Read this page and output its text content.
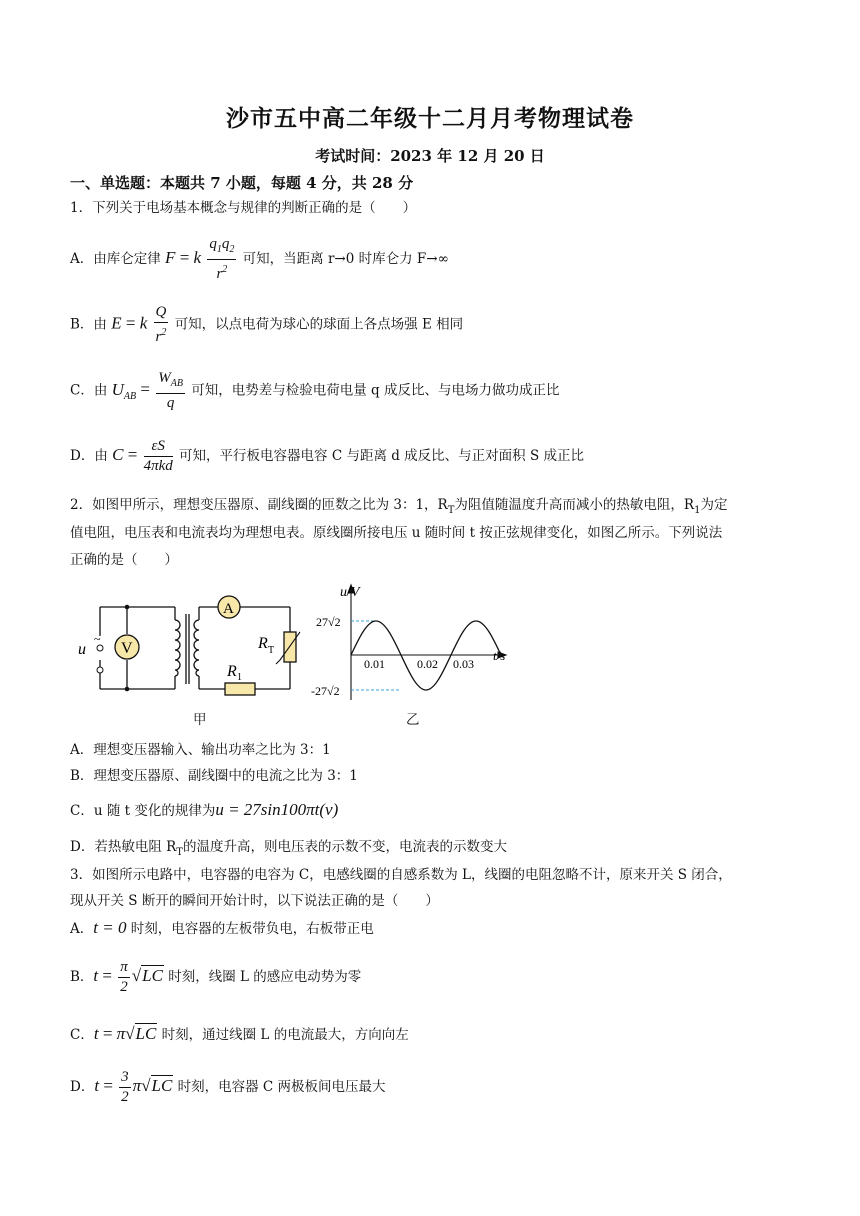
沙市五中高二年级十二月月考物理试卷
考试时间：2023 年 12 月 20 日
一、单选题：本题共 7 小题，每题 4 分，共 28 分
1．下列关于电场基本概念与规律的判断正确的是（　　）
A．由库仑定律 F = k $\frac{q_1q_2}{r^2}$ 可知，当距离 r→0 时库仑力 F→∞
B．由 E = k $\frac{Q}{r^2}$ 可知，以点电荷为球心的球面上各点场强 E 相同
C．由 $U_{AB} = \frac{W_{AB}}{q}$ 可知，电势差与检验电荷电量 q 成反比、与电场力做功成正比
D．由 $C = \frac{\varepsilon S}{\text{4πkd}}$ 可知，平行板电容器电容 C 与距离 d 成反比、与正对面积 S 成正比
2．如图甲所示，理想变压器原、副线圈的匝数之比为 3：1，$R_T$为阻值随温度升高而减小的热敏电阻，$R_1$为定
值电阻，电压表和电流表均为理想电表。原线圈所接电压 u 随时间 t 按正弦规律变化，如图乙所示。下列说法
正确的是（　　）
u
~
V
A
R T
R 1
甲
u/V
t/s
27√2
-27√2
0.01	0.02 0.03
乙
A．理想变压器输入、输出功率之比为 3：1
B．理想变压器原、副线圈中的电流之比为 3：1
C．u 随 t 变化的规律为u = 27sin100πt(v)
D．若热敏电阻 $R_T$的温度升高，则电压表的示数不变，电流表的示数变大
3．如图所示电路中，电容器的电容为 C，电感线圈的自感系数为 L，线圈的电阻忽略不计，原来开关 S 闭合，
现从开关 S 断开的瞬间开始计时，以下说法正确的是（　　）
A．t = 0 时刻，电容器的左板带负电，右板带正电
B．$t = \frac{\pi}{2} √LC$ 时刻，线圈 L 的感应电动势为零
C．t = π√LC 时刻，通过线圈 L 的电流最大，方向向左
D．$t = \frac{3}{2} \pi√LC$ 时刻，电容器 C 两极板间电压最大
